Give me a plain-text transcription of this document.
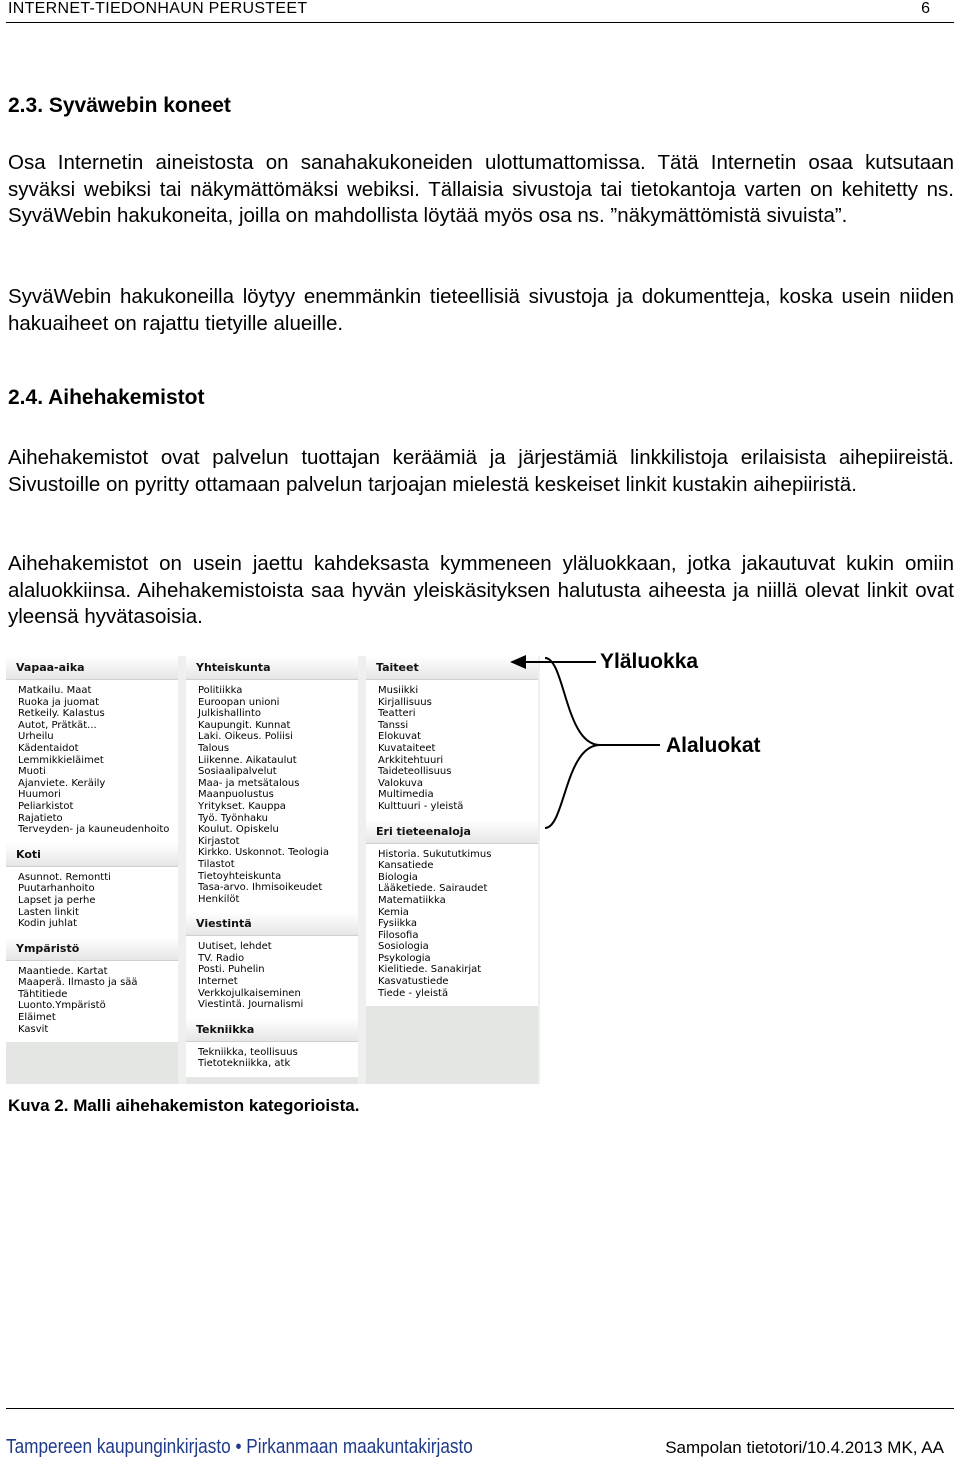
INTERNET-TIEDONHAUN PERUSTEET	6
2.3. Syväwebin koneet

Osa Internetin aineistosta on sanahakukoneiden ulottumattomissa. Tätä Internetin osaa kutsutaan syväksi webiksi tai näkymättömäksi webiksi. Tällaisia sivustoja tai tietokantoja varten on kehitetty ns. SyväWebin hakukoneita, joilla on mahdollista löytää myös osa ns. ”näkymättömistä sivuista”.

SyväWebin hakukoneilla löytyy enemmänkin tieteellisiä sivustoja ja dokumentteja, koska usein niiden hakuaiheet on rajattu tietyille alueille.

2.4. Aihehakemistot

Aihehakemistot ovat palvelun tuottajan keräämiä ja järjestämiä linkkilistoja erilaisista aihepiireistä. Sivustoille on pyritty ottamaan palvelun tarjoajan mielestä keskeiset linkit kustakin aihepiiristä.

Aihehakemistot on usein jaettu kahdeksasta kymmeneen yläluokkaan, jotka jakautuvat kukin omiin alaluokkiinsa. Aihehakemistoista saa hyvän yleiskäsityksen halutusta aiheesta ja niillä olevat linkit ovat yleensä hyvätasoisia.

Vapaa-aika
Matkailu. Maat
Ruoka ja juomat
Retkeily. Kalastus
Autot, Prätkät...
Urheilu
Kädentaidot
Lemmikkieläimet
Muoti
Ajanviete. Keräily
Huumori
Peliarkistot
Rajatieto
Terveyden- ja kauneudenhoito
Koti
Asunnot. Remontti
Puutarhanhoito
Lapset ja perhe
Lasten linkit
Kodin juhlat
Ympäristö
Maantiede. Kartat
Maaperä. Ilmasto ja sää
Tähtitiede
Luonto.Ympäristö
Eläimet
Kasvit
Yhteiskunta
Politiikka
Euroopan unioni
Julkishallinto
Kaupungit. Kunnat
Laki. Oikeus. Poliisi
Talous
Liikenne. Aikataulut
Sosiaalipalvelut
Maa- ja metsätalous
Maanpuolustus
Yritykset. Kauppa
Työ. Työnhaku
Koulut. Opiskelu
Kirjastot
Kirkko. Uskonnot. Teologia
Tilastot
Tietoyhteiskunta
Tasa-arvo. Ihmisoikeudet
Henkilöt
Viestintä
Uutiset, lehdet
TV. Radio
Posti. Puhelin
Internet
Verkkojulkaiseminen
Viestintä. Journalismi
Tekniikka
Tekniikka, teollisuus
Tietotekniikka, atk
Taiteet
Musiikki
Kirjallisuus
Teatteri
Tanssi
Elokuvat
Kuvataiteet
Arkkitehtuuri
Taideteollisuus
Valokuva
Multimedia
Kulttuuri - yleistä
Eri tieteenaloja
Historia. Sukututkimus
Kansatiede
Biologia
Lääketiede. Sairaudet
Matematiikka
Kemia
Fysiikka
Filosofia
Sosiologia
Psykologia
Kielitiede. Sanakirjat
Kasvatustiede
Tiede - yleistä
Yläluokka
Alaluokat
Kuva 2. Malli aihehakemiston kategorioista.
Tampereen kaupunginkirjasto • Pirkanmaan maakuntakirjasto	Sampolan tietotori/10.4.2013 MK, AA
